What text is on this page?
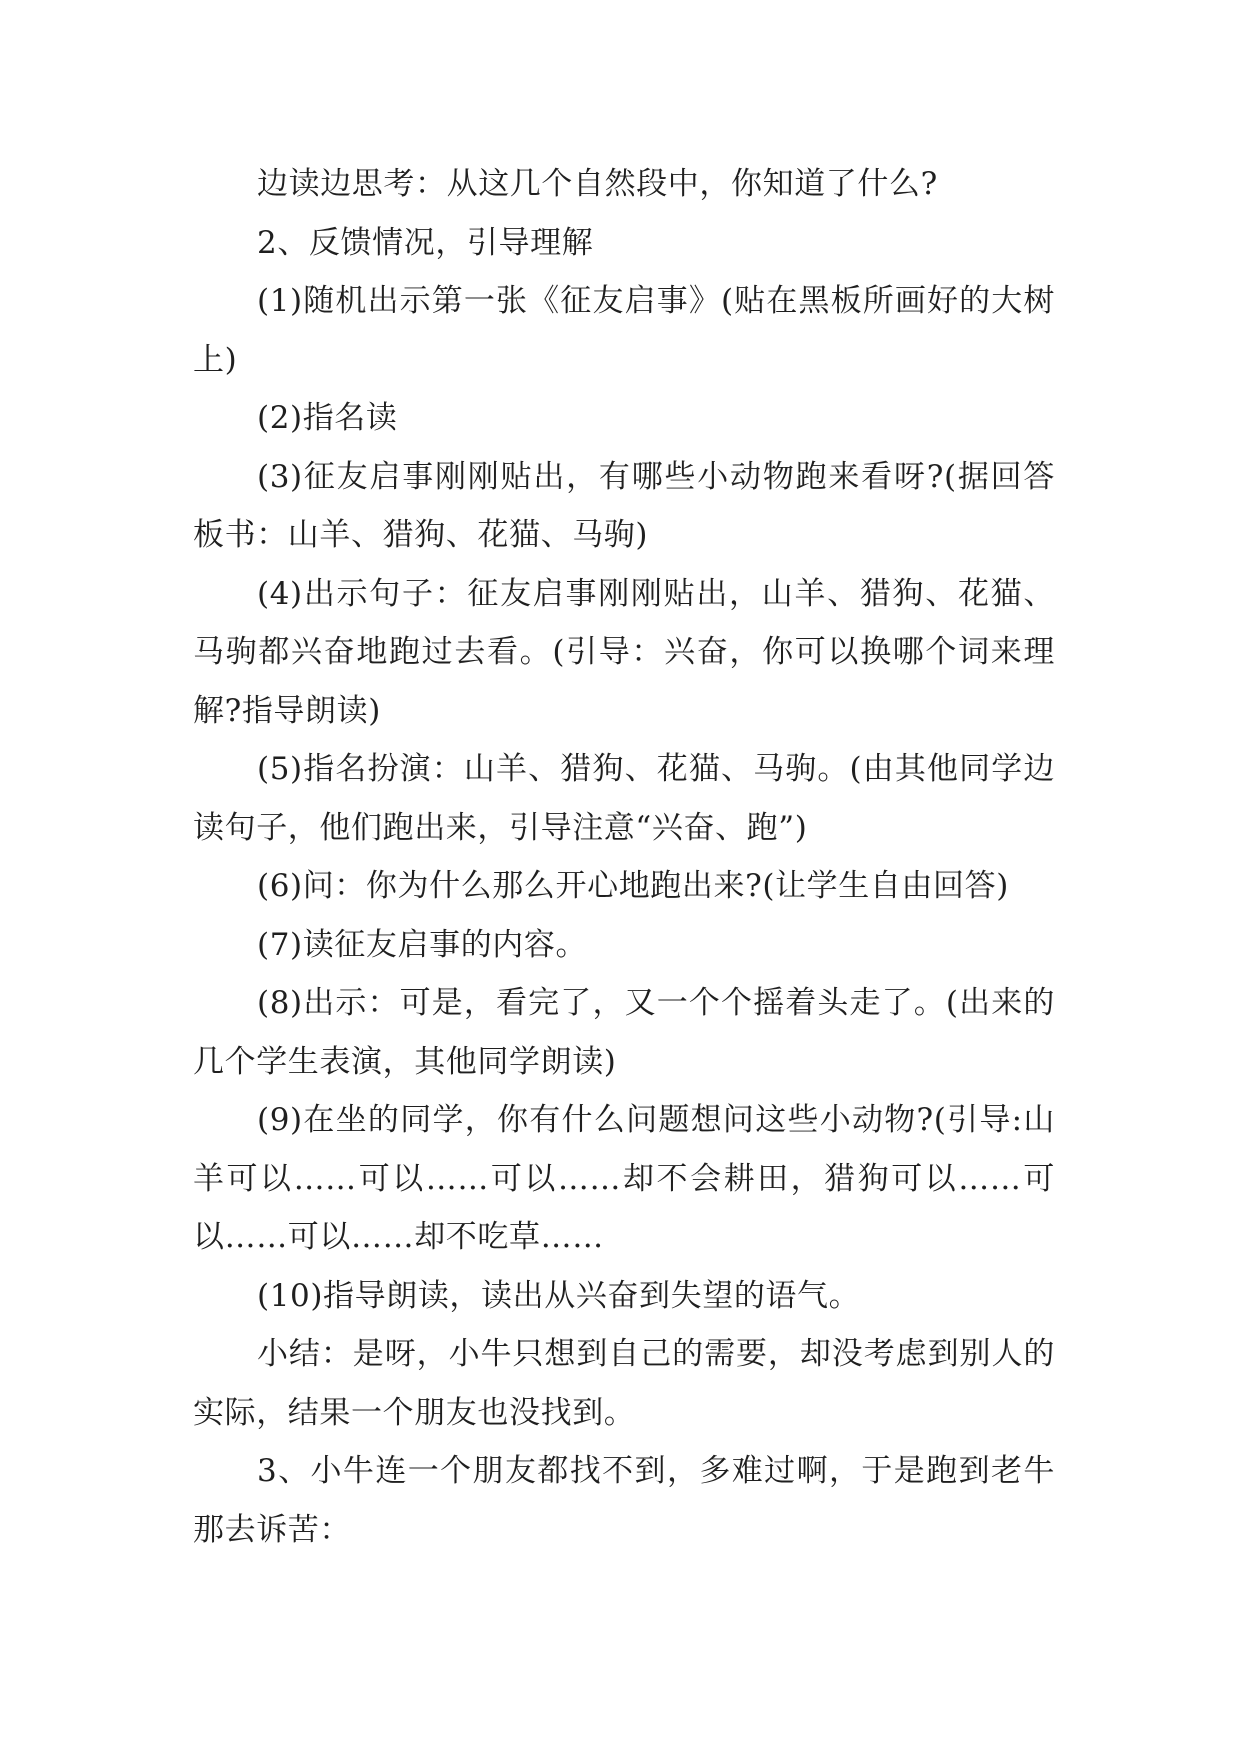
边读边思考：从这几个自然段中，你知道了什么?

2、反馈情况，引导理解

(1)随机出示第一张《征友启事》(贴在黑板所画好的大树上)

(2)指名读

(3)征友启事刚刚贴出，有哪些小动物跑来看呀?(据回答板书：山羊、猎狗、花猫、马驹)

(4)出示句子：征友启事刚刚贴出，山羊、猎狗、花猫、马驹都兴奋地跑过去看。(引导：兴奋，你可以换哪个词来理解?指导朗读)

(5)指名扮演：山羊、猎狗、花猫、马驹。(由其他同学边读句子，他们跑出来，引导注意“兴奋、跑”)

(6)问：你为什么那么开心地跑出来?(让学生自由回答)

(7)读征友启事的内容。

(8)出示：可是，看完了，又一个个摇着头走了。(出来的几个学生表演，其他同学朗读)

(9)在坐的同学，你有什么问题想问这些小动物?(引导:山羊可以……可以……可以……却不会耕田，猎狗可以……可以……可以……却不吃草……

(10)指导朗读，读出从兴奋到失望的语气。

小结：是呀，小牛只想到自己的需要，却没考虑到别人的实际，结果一个朋友也没找到。

3、小牛连一个朋友都找不到，多难过啊，于是跑到老牛那去诉苦：
